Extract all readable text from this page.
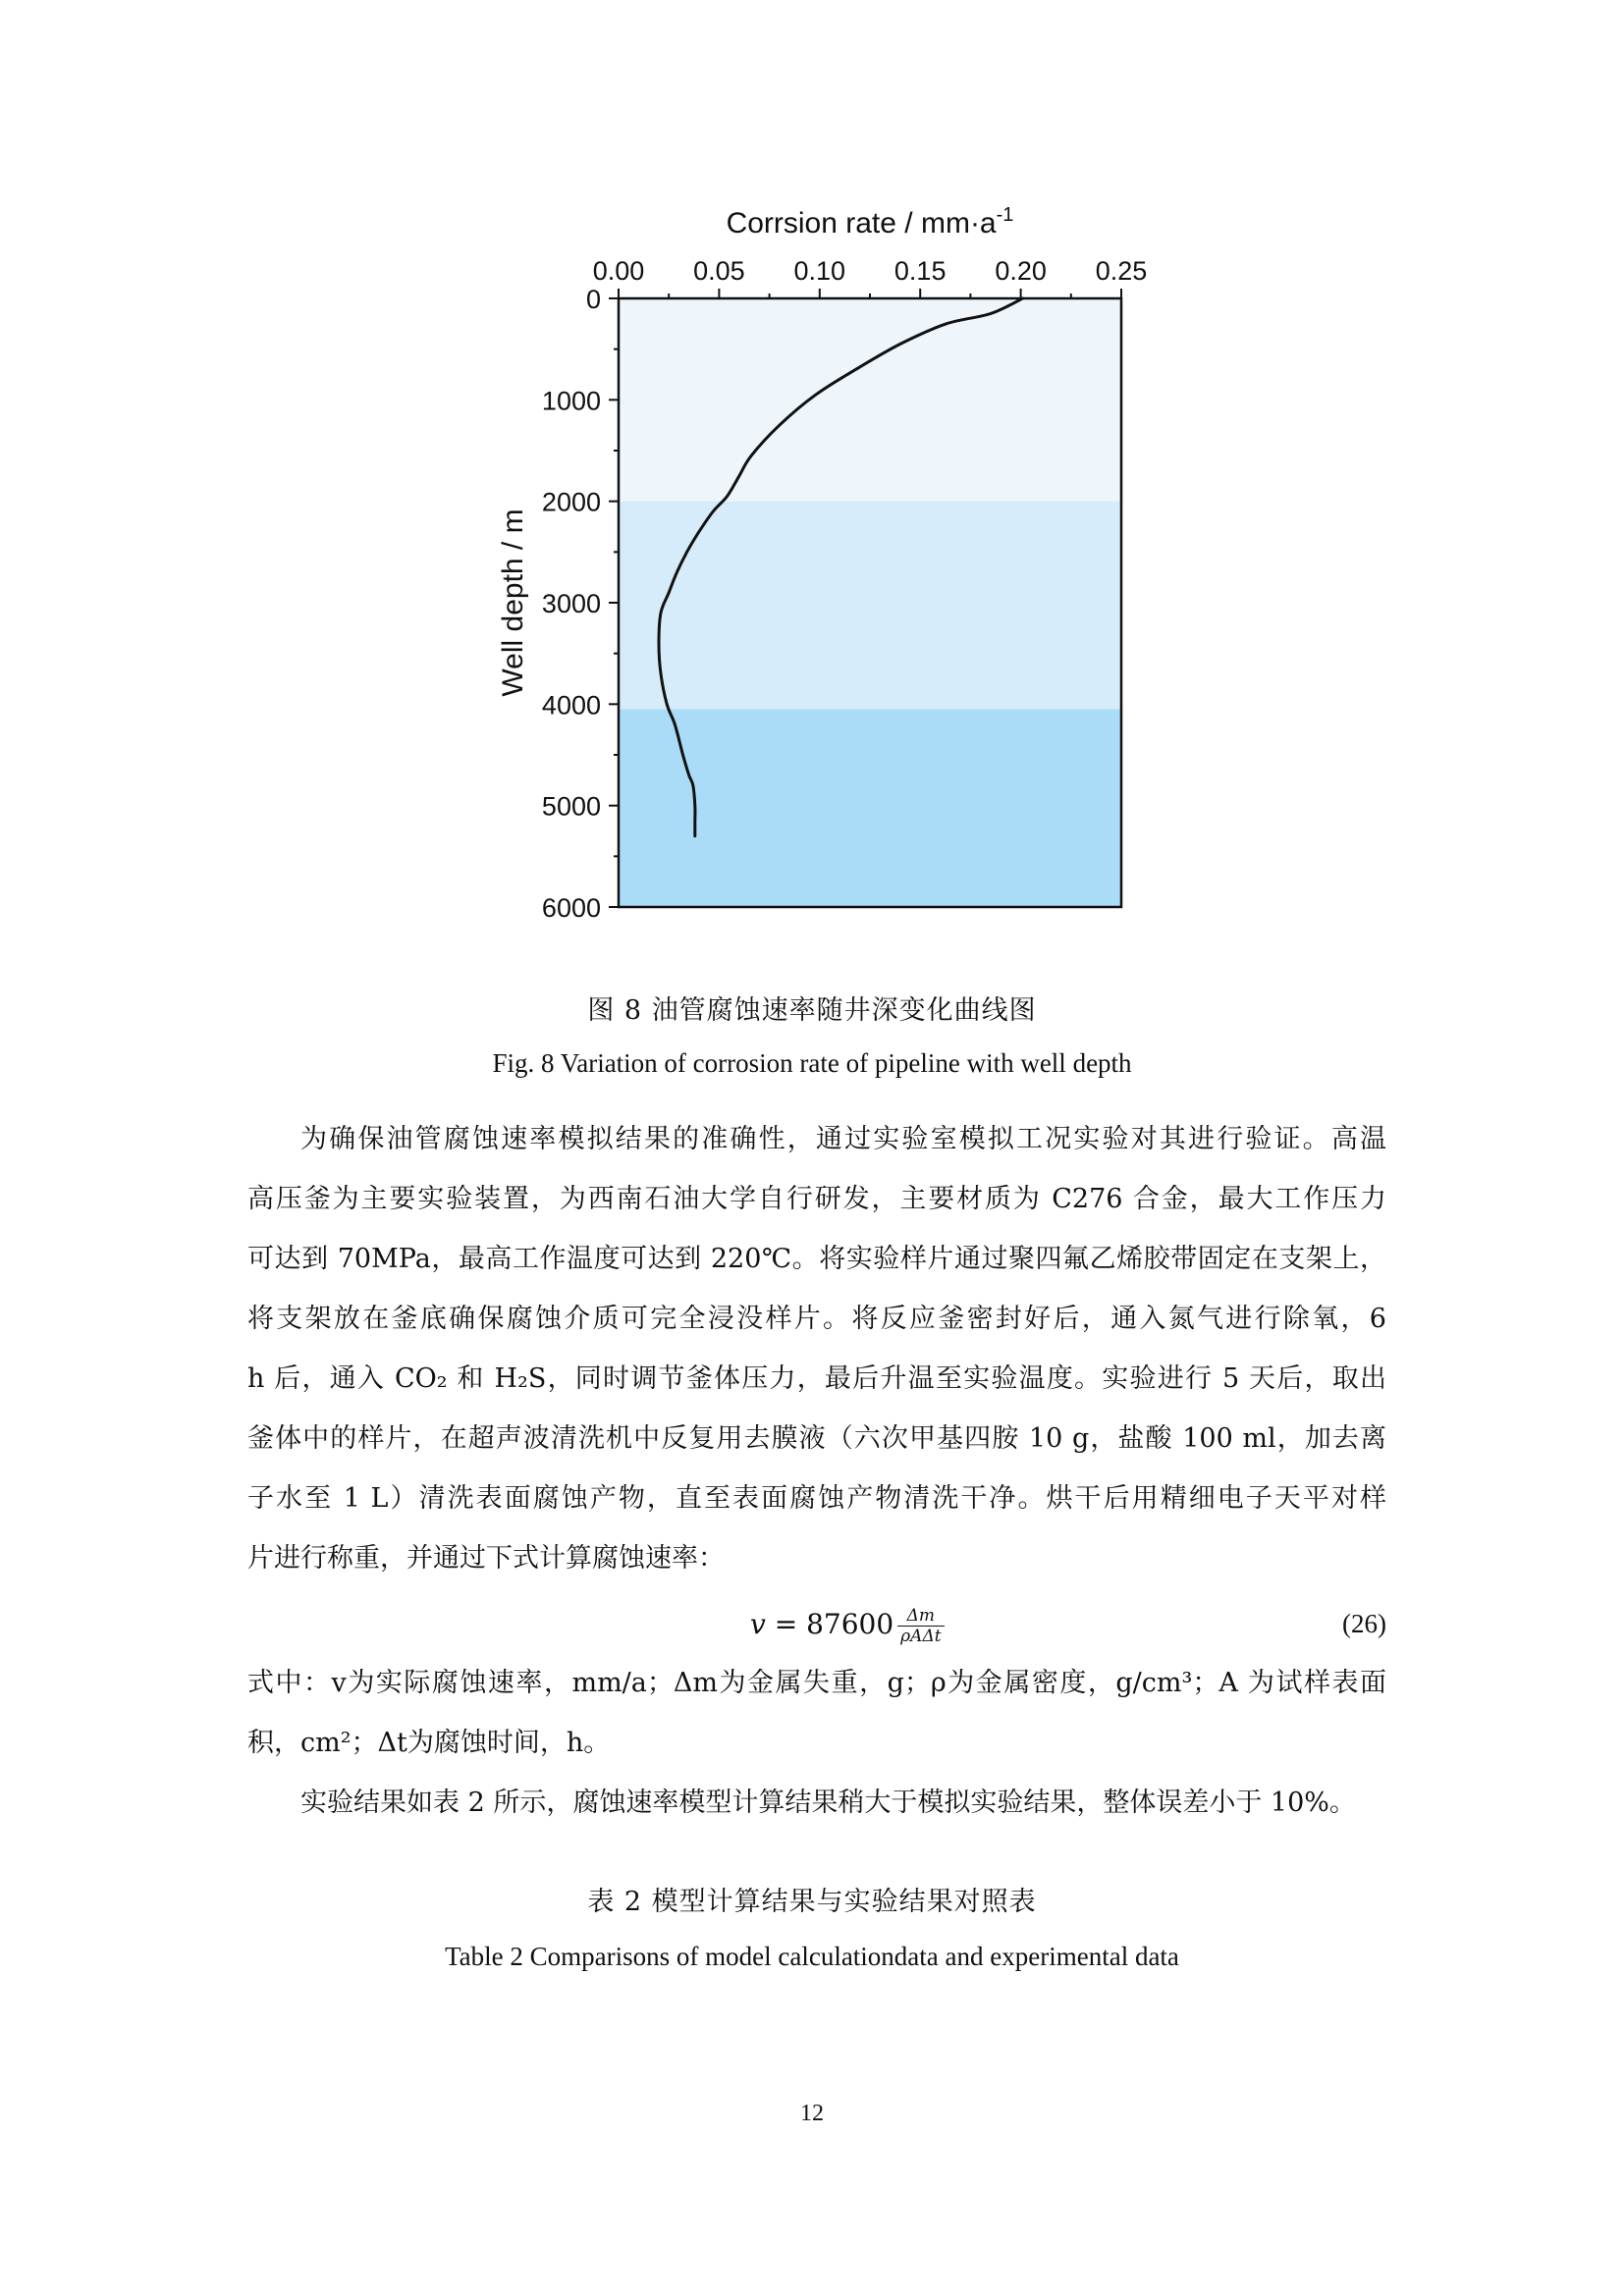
0.00 0.05 0.10 0.15 0.20 0.25
0
1000
2000
3000
4000
5000
6000
Corrsion rate / $mm\cdot a^{-1}$
Well depth / m
图 8 油管腐蚀速率随井深变化曲线图
Fig. 8 Variation of corrosion rate of pipeline with well depth

为确保油管腐蚀速率模拟结果的准确性，通过实验室模拟工况实验对其进行验证。高温

高压釜为主要实验装置，为西南石油大学自行研发，主要材质为 C276 合金，最大工作压力

可达到 70MPa，最高工作温度可达到 220℃。将实验样片通过聚四氟乙烯胶带固定在支架上，

将支架放在釜底确保腐蚀介质可完全浸没样片。将反应釜密封好后，通入氮气进行除氧，6

h 后，通入 CO₂ 和 H₂S，同时调节釜体压力，最后升温至实验温度。实验进行 5 天后，取出

釜体中的样片，在超声波清洗机中反复用去膜液（六次甲基四胺 10 g，盐酸 100 ml，加去离

子水至 1 L）清洗表面腐蚀产物，直至表面腐蚀产物清洗干净。烘干后用精细电子天平对样

片进行称重，并通过下式计算腐蚀速率：

$v = 87600 \frac{\Delta m}{\text{ρAΔt}}$	(26)

式中：v为实际腐蚀速率，mm/a；Δm为金属失重，g；ρ为金属密度，g/cm³；A 为试样表面

积，cm²；Δt为腐蚀时间，h。

实验结果如表 2 所示，腐蚀速率模型计算结果稍大于模拟实验结果，整体误差小于 10%。

表 2 模型计算结果与实验结果对照表
Table 2 Comparisons of model calculationdata and experimental data
12
